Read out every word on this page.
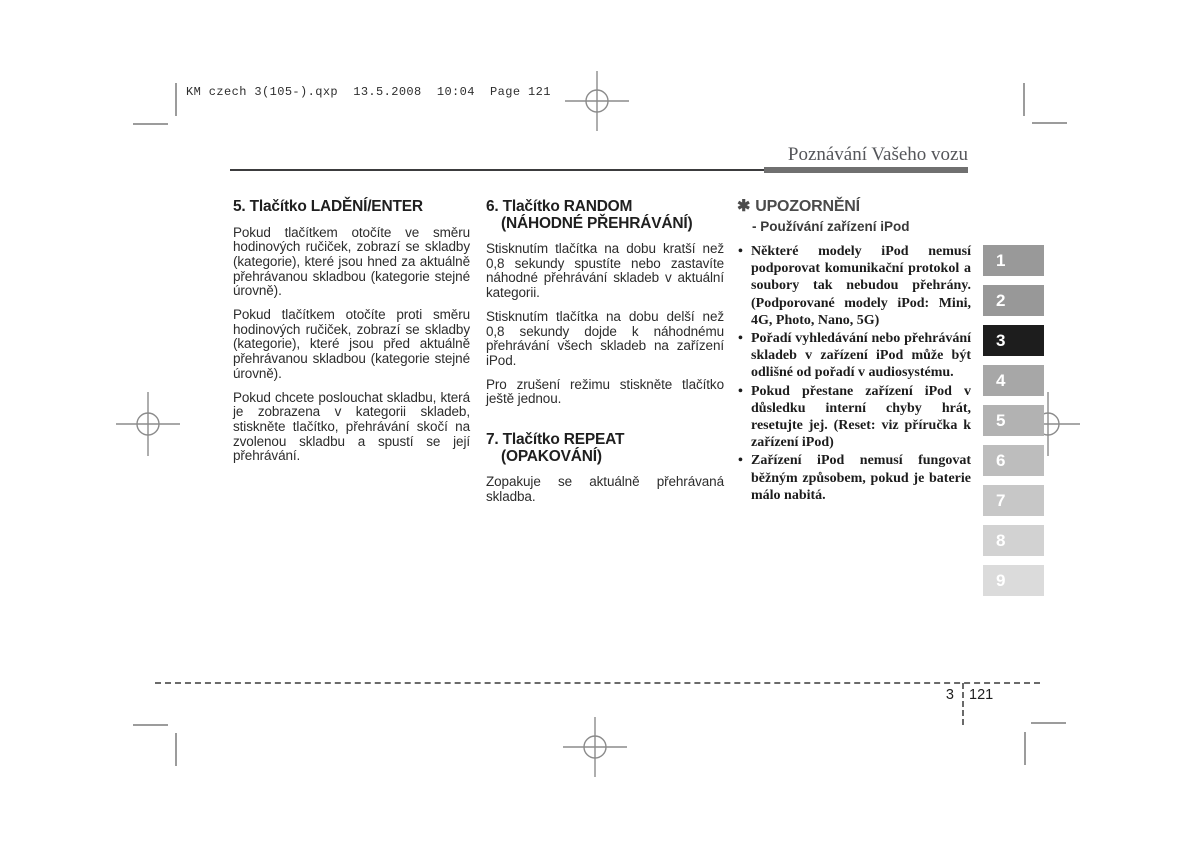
KM czech 3(105-).qxp  13.5.2008  10:04  Page 121
Poznávání Vašeho vozu
5. Tlačítko LADĚNÍ/ENTER

Pokud tlačítkem otočíte ve směru hodinových ručiček, zobrazí se skladby (kategorie), které jsou hned za aktuálně přehrávanou skladbou (kategorie stejné úrovně).

Pokud tlačítkem otočíte proti směru hodinových ručiček, zobrazí se skladby (kategorie), které jsou před aktuálně přehrávanou skladbou (kategorie stejné úrovně).

Pokud chcete poslouchat skladbu, která je zobrazena v kategorii skladeb, stiskněte tlačítko, přehrávání skočí na zvolenou skladbu a spustí se její přehrávání.

6. Tlačítko RANDOM
(NÁHODNÉ PŘEHRÁVÁNÍ)

Stisknutím tlačítka na dobu kratší než 0,8 sekundy spustíte nebo zastavíte náhodné přehrávání skladeb v aktuální kategorii.

Stisknutím tlačítka na dobu delší než 0,8 sekundy dojde k náhodnému přehrávání všech skladeb na zařízení iPod.

Pro zrušení režimu stiskněte tlačítko ještě jednou.

7. Tlačítko REPEAT
(OPAKOVÁNÍ)

Zopakuje se aktuálně přehrávaná skladba.

✱ UPOZORNĚNÍ
- Používání zařízení iPod
• Některé modely iPod nemusí podporovat komunikační protokol a soubory tak nebudou přehrány. (Podporované modely iPod: Mini, 4G, Photo, Nano, 5G)
• Pořadí vyhledávání nebo přehrávání skladeb v zařízení iPod může být odlišné od pořadí v audiosystému.
• Pokud přestane zařízení iPod v důsledku interní chyby hrát, resetujte jej. (Reset: viz příručka k zařízení iPod)
• Zařízení iPod nemusí fungovat běžným způsobem, pokud je baterie málo nabitá.
1
2
3
4
5
6
7
8
9
3 121
